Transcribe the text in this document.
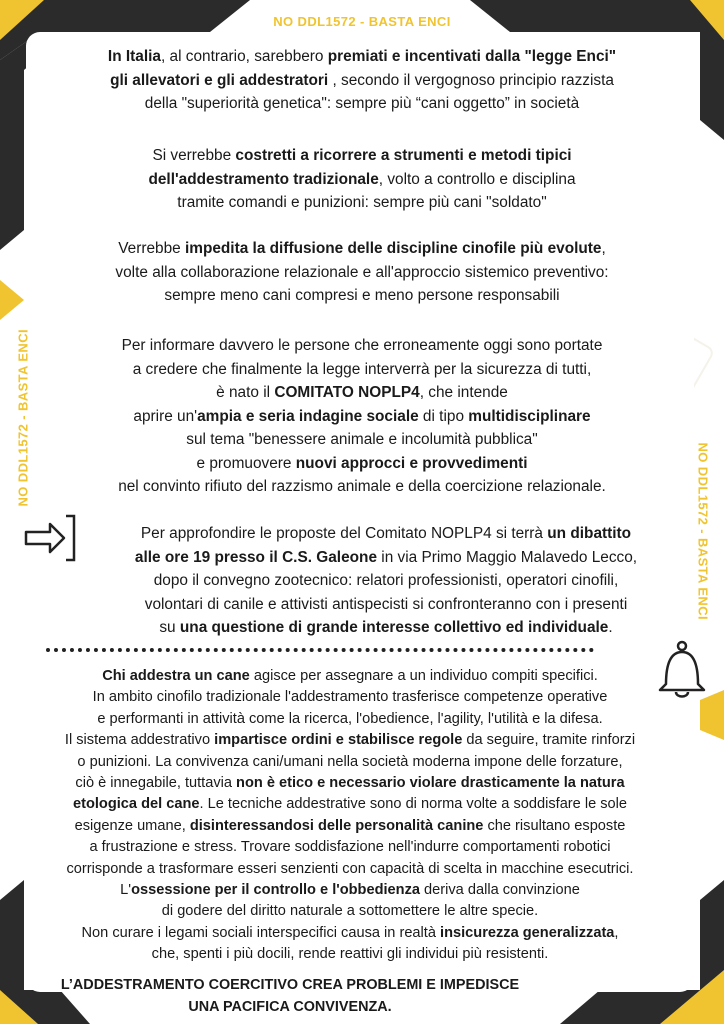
NO DDL1572 - BASTA ENCI
NO DDL1572 - BASTA ENCI
NO DDL1572 - BASTA ENCI
In Italia, al contrario, sarebbero premiati e incentivati dalla "legge Enci"
gli allevatori e gli addestratori , secondo il vergognoso principio razzista
della "superiorità genetica": sempre più “cani oggetto” in società
Si verrebbe costretti a ricorrere a strumenti e metodi tipici
dell'addestramento tradizionale, volto a controllo e disciplina
tramite comandi e punizioni: sempre più cani "soldato"
Verrebbe impedita la diffusione delle discipline cinofile più evolute,
volte alla collaborazione relazionale e all'approccio sistemico preventivo:
sempre meno cani compresi e meno persone responsabili
Per informare davvero le persone che erroneamente oggi sono portate
a credere che finalmente la legge interverrà per la sicurezza di tutti,
è nato il COMITATO NOPLP4, che intende
aprire un'ampia e seria indagine sociale di tipo multidisciplinare
sul tema "benessere animale e incolumità pubblica"
e promuovere nuovi approcci e provvedimenti
nel convinto rifiuto del razzismo animale e della coercizione relazionale.
Per approfondire le proposte del Comitato NOPLP4 si terrà un dibattito
alle ore 19 presso il C.S. Galeone in via Primo Maggio Malavedo Lecco,
dopo il convegno zootecnico: relatori professionisti, operatori cinofili,
volontari di canile e attivisti antispecisti si confronteranno con i presenti
su una questione di grande interesse collettivo ed individuale.
Chi addestra un cane agisce per assegnare a un individuo compiti specifici.
In ambito cinofilo tradizionale l'addestramento trasferisce competenze operative
e performanti in attività come la ricerca, l'obedience, l'agility, l'utilità e la difesa.
Il sistema addestrativo impartisce ordini e stabilisce regole da seguire, tramite rinforzi
o punizioni. La convivenza cani/umani nella società moderna impone delle forzature,
ciò è innegabile, tuttavia non è etico e necessario violare drasticamente la natura
etologica del cane. Le tecniche addestrative sono di norma volte a soddisfare le sole
esigenze umane, disinteressandosi delle personalità canine che risultano esposte
a frustrazione e stress. Trovare soddisfazione nell'indurre comportamenti robotici
corrisponde a trasformare esseri senzienti con capacità di scelta in macchine esecutrici.
L'ossessione per il controllo e l'obbedienza deriva dalla convinzione
di godere del diritto naturale a sottomettere le altre specie.
Non curare i legami sociali interspecifici causa in realtà insicurezza generalizzata,
che, spenti i più docili, rende reattivi gli individui più resistenti.
L’ADDESTRAMENTO COERCITIVO CREA PROBLEMI E IMPEDISCE
UNA PACIFICA CONVIVENZA.
